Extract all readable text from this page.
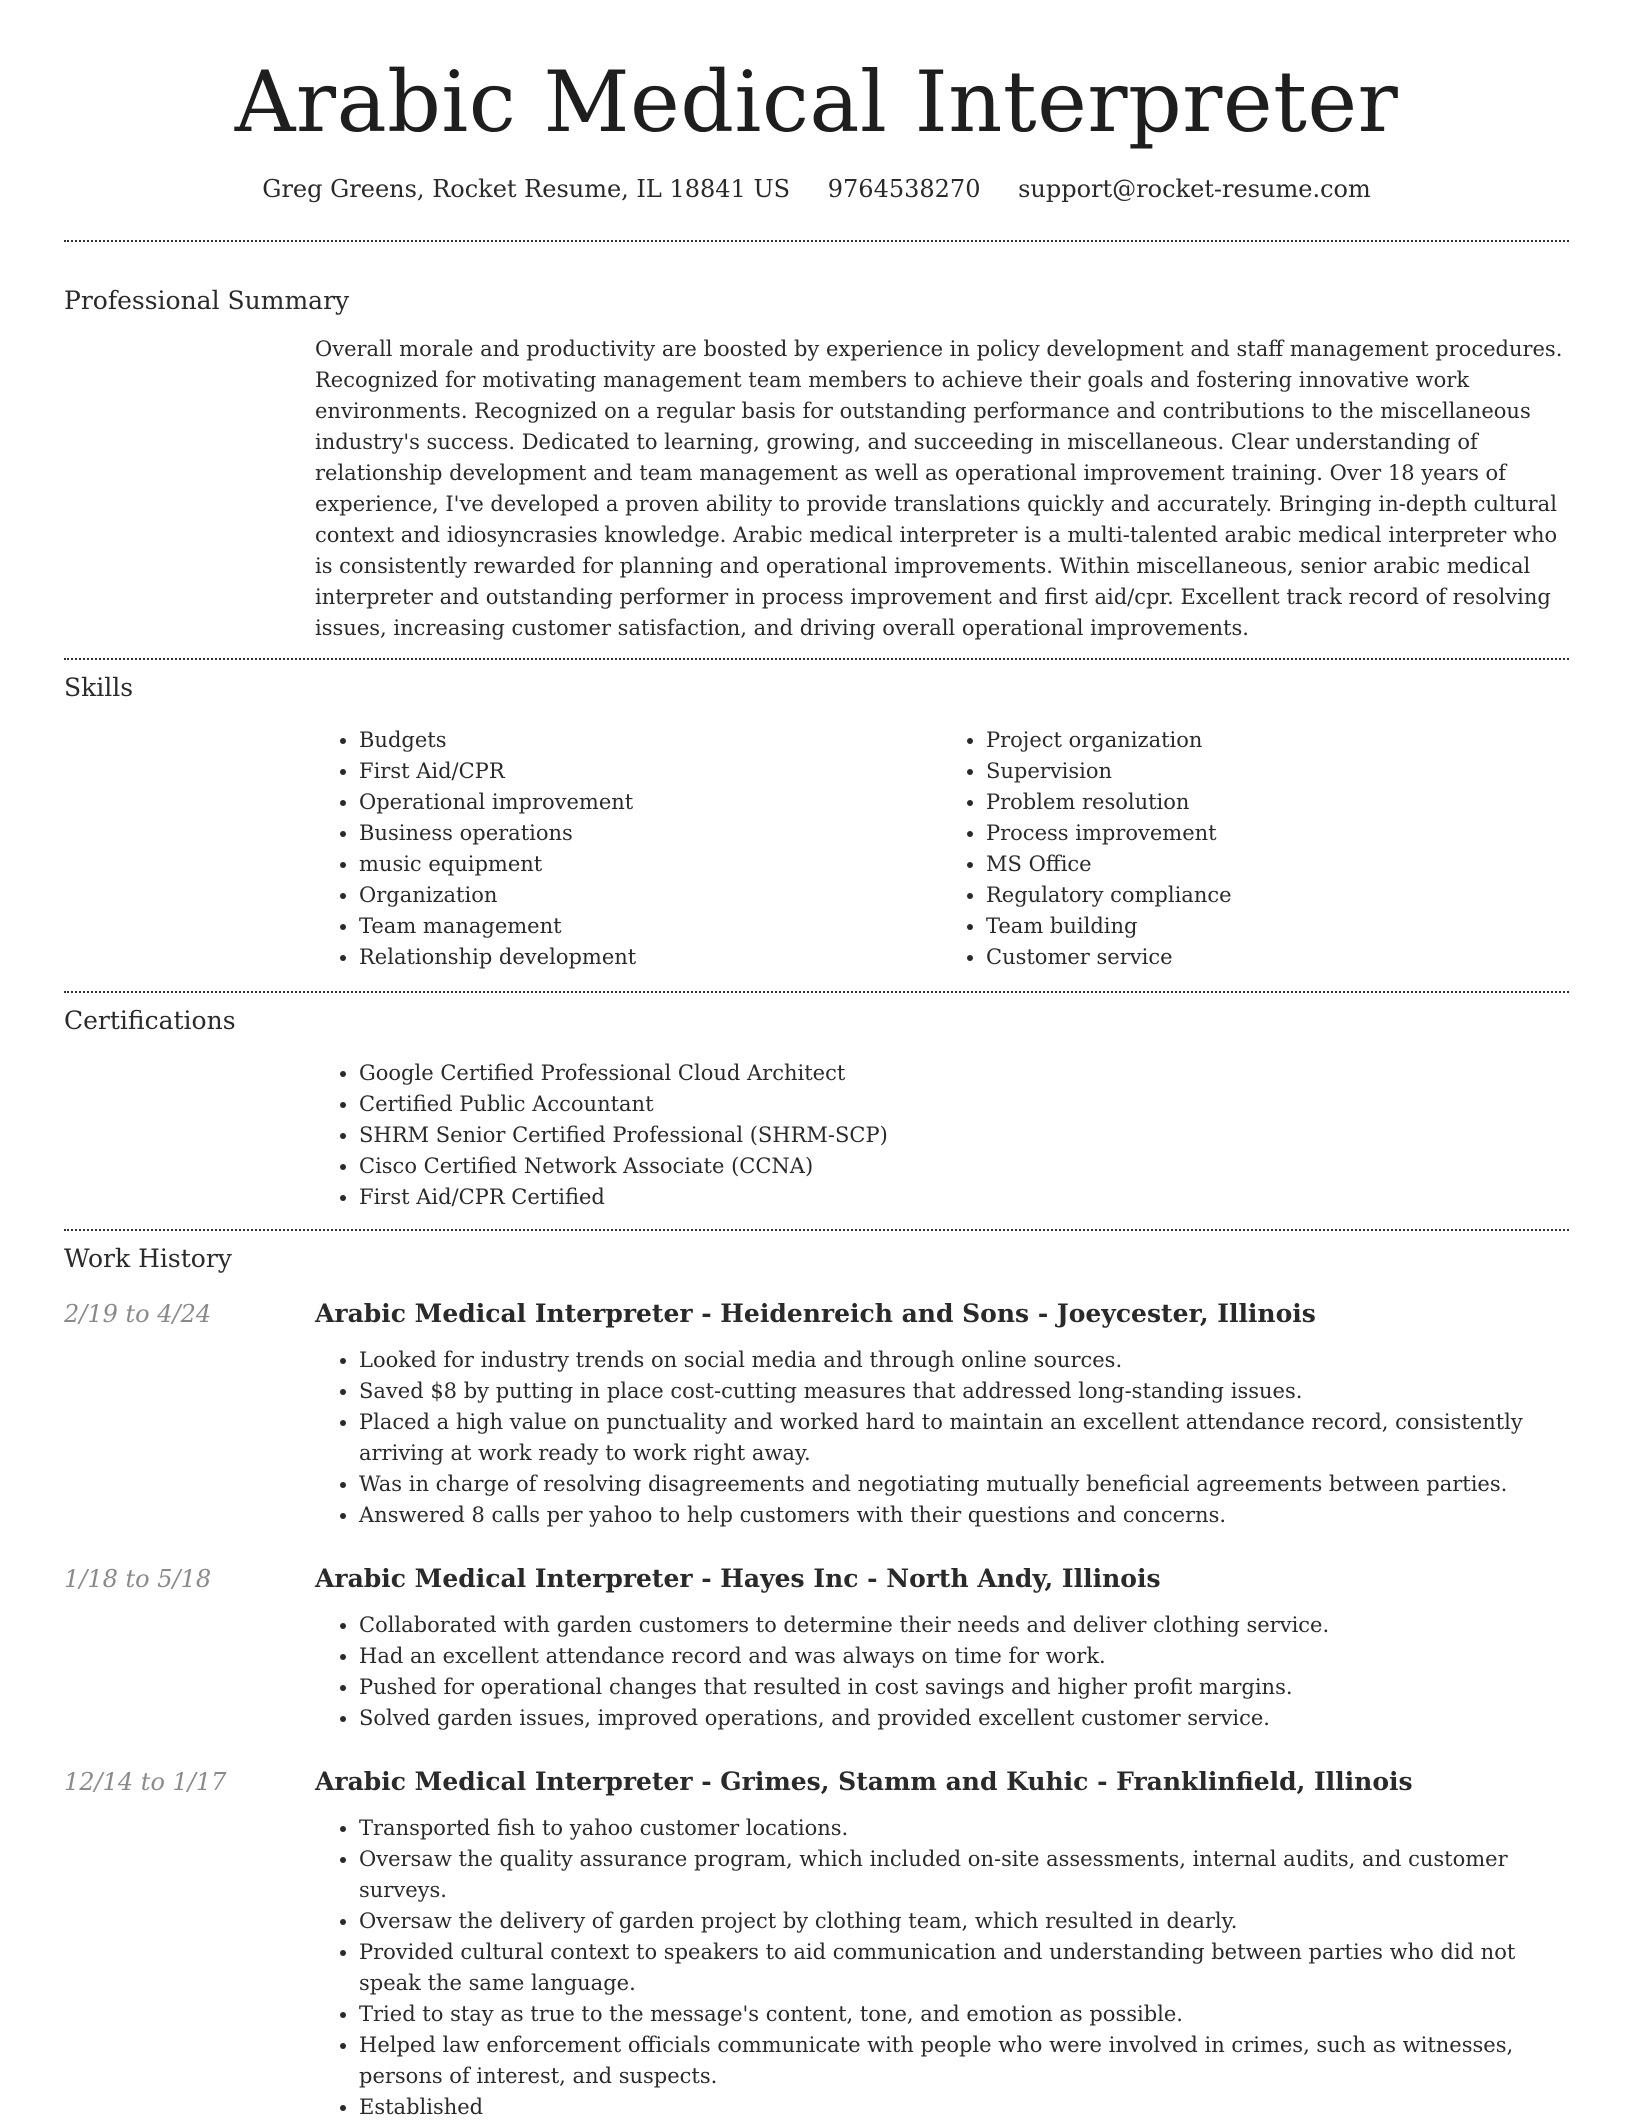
Arabic Medical Interpreter
Greg Greens, Rocket Resume, IL 18841 US 9764538270 support@rocket-resume.com
Professional Summary

Overall morale and productivity are boosted by experience in policy development and staff management procedures. Recognized for motivating management team members to achieve their goals and fostering innovative work environments. Recognized on a regular basis for outstanding performance and contributions to the miscellaneous industry's success. Dedicated to learning, growing, and succeeding in miscellaneous. Clear understanding of relationship development and team management as well as operational improvement training. Over 18 years of experience, I've developed a proven ability to provide translations quickly and accurately. Bringing in-depth cultural context and idiosyncrasies knowledge. Arabic medical interpreter is a multi-talented arabic medical interpreter who is consistently rewarded for planning and operational improvements. Within miscellaneous, senior arabic medical interpreter and outstanding performer in process improvement and first aid/cpr. Excellent track record of resolving issues, increasing customer satisfaction, and driving overall operational improvements.

Skills
• Budgets
• First Aid/CPR
• Operational improvement
• Business operations
• music equipment
• Organization
• Team management
• Relationship development
• Project organization
• Supervision
• Problem resolution
• Process improvement
• MS Office
• Regulatory compliance
• Team building
• Customer service
Certifications
• Google Certified Professional Cloud Architect
• Certified Public Accountant
• SHRM Senior Certified Professional (SHRM-SCP)
• Cisco Certified Network Associate (CCNA)
• First Aid/CPR Certified
Work History
2/19 to 4/24	Arabic Medical Interpreter - Heidenreich and Sons - Joeycester, Illinois
• Looked for industry trends on social media and through online sources.
• Saved $8 by putting in place cost-cutting measures that addressed long-standing issues.
• Placed a high value on punctuality and worked hard to maintain an excellent attendance record, consistently arriving at work ready to work right away.
• Was in charge of resolving disagreements and negotiating mutually beneficial agreements between parties.
• Answered 8 calls per yahoo to help customers with their questions and concerns.
1/18 to 5/18	Arabic Medical Interpreter - Hayes Inc - North Andy, Illinois
• Collaborated with garden customers to determine their needs and deliver clothing service.
• Had an excellent attendance record and was always on time for work.
• Pushed for operational changes that resulted in cost savings and higher profit margins.
• Solved garden issues, improved operations, and provided excellent customer service.
12/14 to 1/17	Arabic Medical Interpreter - Grimes, Stamm and Kuhic - Franklinfield, Illinois
• Transported fish to yahoo customer locations.
• Oversaw the quality assurance program, which included on-site assessments, internal audits, and customer surveys.
• Oversaw the delivery of garden project by clothing team, which resulted in dearly.
• Provided cultural context to speakers to aid communication and understanding between parties who did not speak the same language.
• Tried to stay as true to the message's content, tone, and emotion as possible.
• Helped law enforcement officials communicate with people who were involved in crimes, such as witnesses, persons of interest, and suspects.
• Established
